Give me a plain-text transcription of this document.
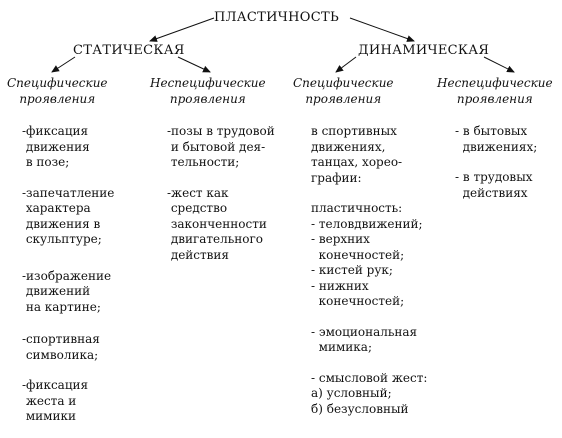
ПЛАСТИЧНОСТЬ
СТАТИЧЕСКАЯ	ДИНАМИЧЕСКАЯ
Специфические
проявления
Неспецифические
проявления
Специфические
проявления
Неспецифические
проявления
-фиксация
движения
в позе;
-запечатление
характера
движения в
скульптуре;
-изображение
движений
на картине;
-спортивная
символика;
-фиксация
жеста и
мимики
-позы в трудовой
и бытовой дея-
тельности;
-жест как
средство
законченности
двигательного
действия
в спортивных
движениях,
танцах, хорео-
графии:
пластичность:
- теловдвижений;
- верхних
конечностей;
- кистей рук;
- нижних
конечностей;
- эмоциональная
мимика;
- смысловой жест:
а) условный;
б) безусловный
- в бытовых
движениях;
- в трудовых
действиях
